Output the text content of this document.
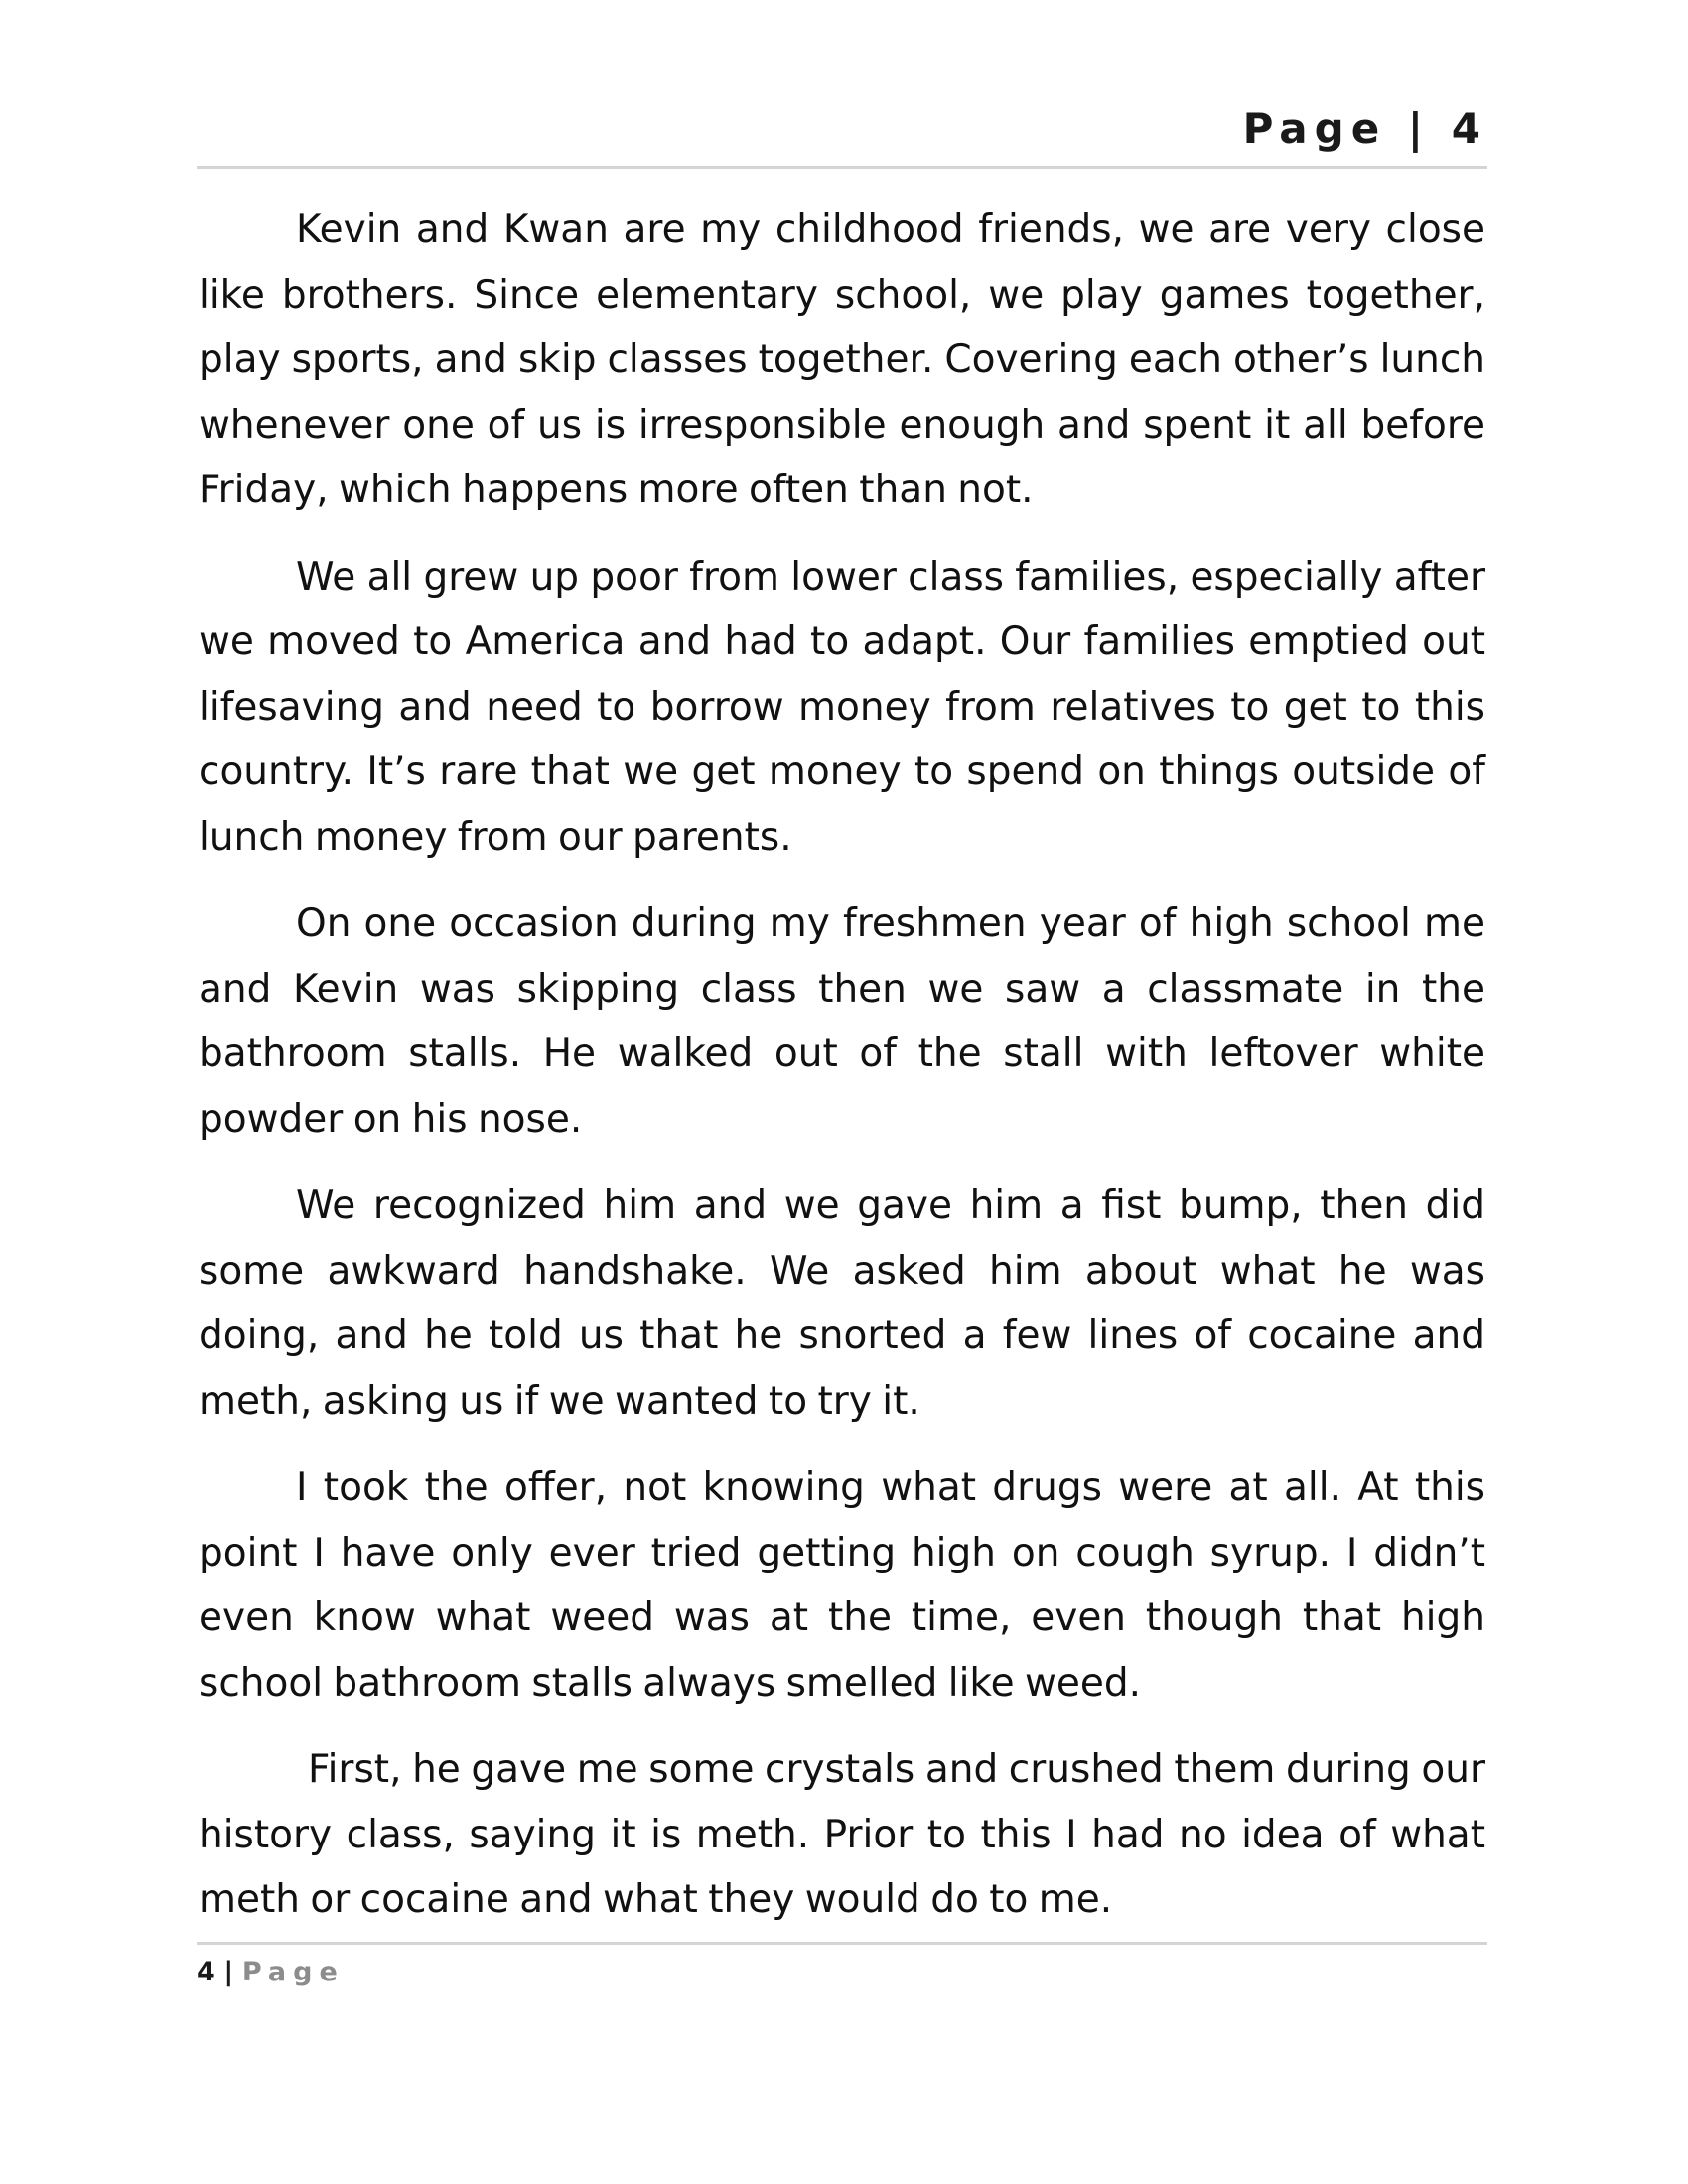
Page | 4

Kevin and Kwan are my childhood friends, we are very close like brothers. Since elementary school, we play games together, play sports, and skip classes together. Covering each other’s lunch whenever one of us is irresponsible enough and spent it all before Friday, which happens more often than not.

We all grew up poor from lower class families, especially after we moved to America and had to adapt. Our families emptied out lifesaving and need to borrow money from relatives to get to this country. It’s rare that we get money to spend on things outside of lunch money from our parents.

On one occasion during my freshmen year of high school me and Kevin was skipping class then we saw a classmate in the bathroom stalls. He walked out of the stall with leftover white powder on his nose.

We recognized him and we gave him a fist bump, then did some awkward handshake. We asked him about what he was doing, and he told us that he snorted a few lines of cocaine and meth, asking us if we wanted to try it.

I took the offer, not knowing what drugs were at all. At this point I have only ever tried getting high on cough syrup. I didn’t even know what weed was at the time, even though that high school bathroom stalls always smelled like weed.

First, he gave me some crystals and crushed them during our history class, saying it is meth. Prior to this I had no idea of what meth or cocaine and what they would do to me.

4 | Page
